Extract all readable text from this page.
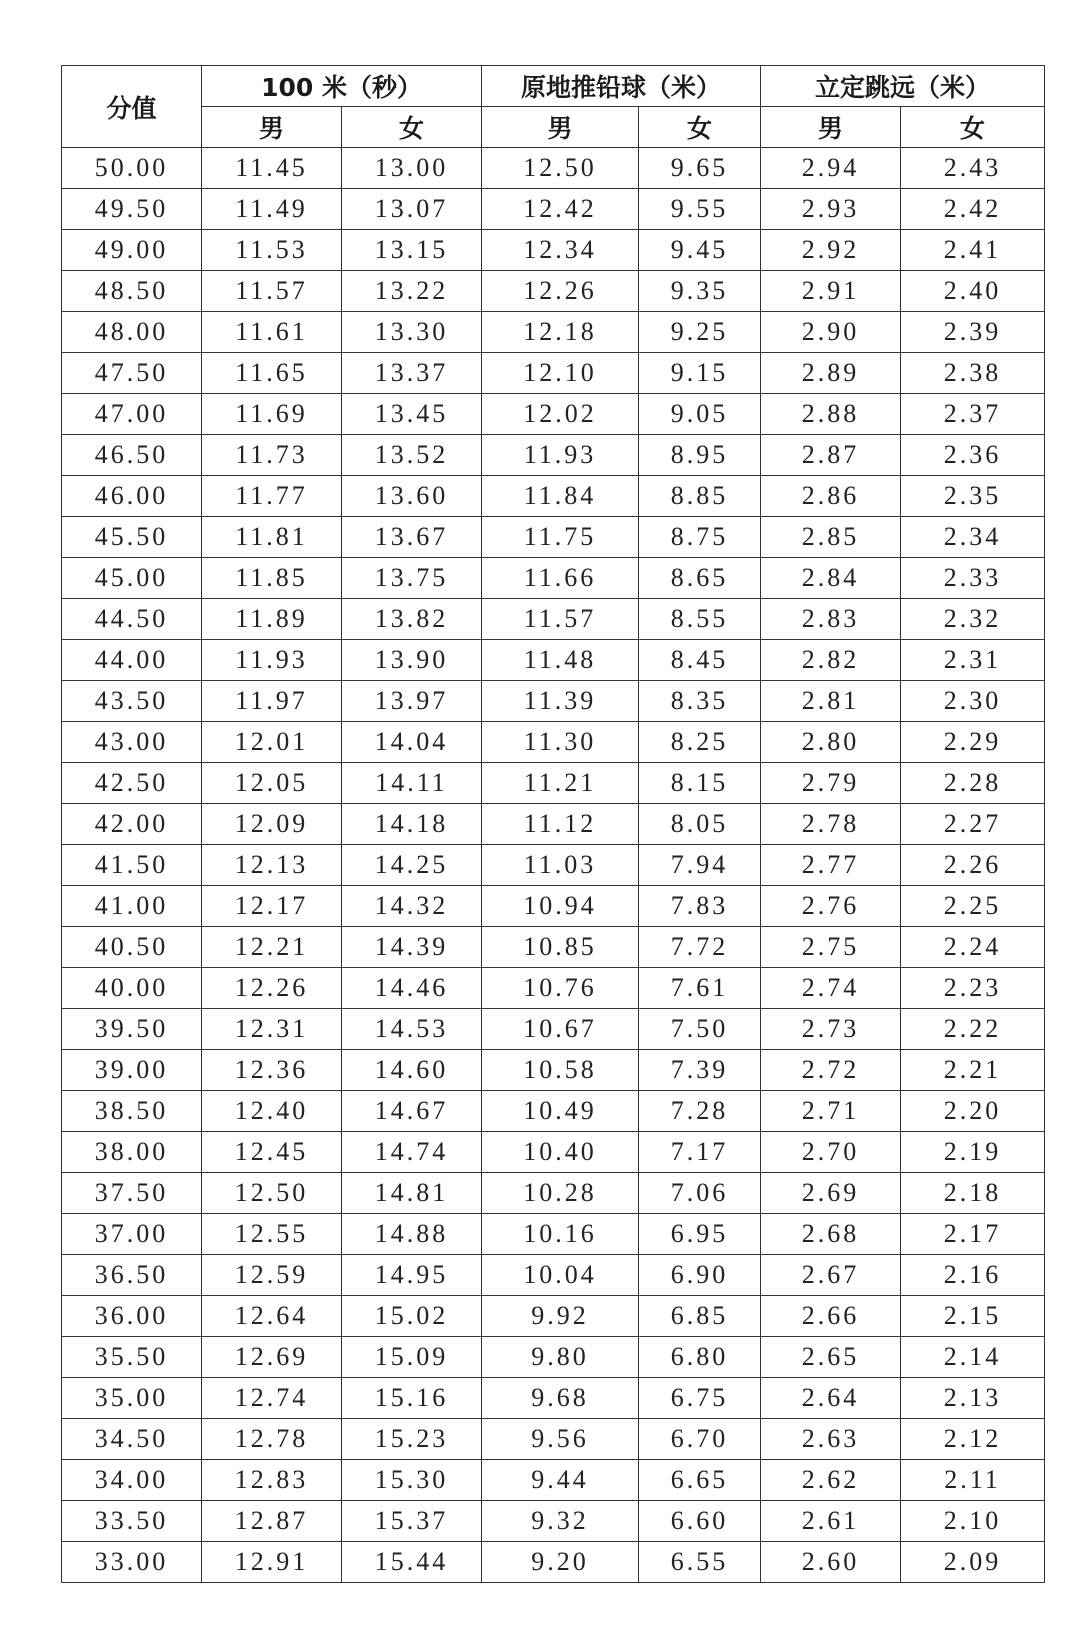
分值	100 米（秒）		原地推铅球（米）		立定跳远（米）	
	男	女	男	女	男	女
50.00	11.45	13.00	12.50	9.65	2.94	2.43
49.50	11.49	13.07	12.42	9.55	2.93	2.42
49.00	11.53	13.15	12.34	9.45	2.92	2.41
48.50	11.57	13.22	12.26	9.35	2.91	2.40
48.00	11.61	13.30	12.18	9.25	2.90	2.39
47.50	11.65	13.37	12.10	9.15	2.89	2.38
47.00	11.69	13.45	12.02	9.05	2.88	2.37
46.50	11.73	13.52	11.93	8.95	2.87	2.36
46.00	11.77	13.60	11.84	8.85	2.86	2.35
45.50	11.81	13.67	11.75	8.75	2.85	2.34
45.00	11.85	13.75	11.66	8.65	2.84	2.33
44.50	11.89	13.82	11.57	8.55	2.83	2.32
44.00	11.93	13.90	11.48	8.45	2.82	2.31
43.50	11.97	13.97	11.39	8.35	2.81	2.30
43.00	12.01	14.04	11.30	8.25	2.80	2.29
42.50	12.05	14.11	11.21	8.15	2.79	2.28
42.00	12.09	14.18	11.12	8.05	2.78	2.27
41.50	12.13	14.25	11.03	7.94	2.77	2.26
41.00	12.17	14.32	10.94	7.83	2.76	2.25
40.50	12.21	14.39	10.85	7.72	2.75	2.24
40.00	12.26	14.46	10.76	7.61	2.74	2.23
39.50	12.31	14.53	10.67	7.50	2.73	2.22
39.00	12.36	14.60	10.58	7.39	2.72	2.21
38.50	12.40	14.67	10.49	7.28	2.71	2.20
38.00	12.45	14.74	10.40	7.17	2.70	2.19
37.50	12.50	14.81	10.28	7.06	2.69	2.18
37.00	12.55	14.88	10.16	6.95	2.68	2.17
36.50	12.59	14.95	10.04	6.90	2.67	2.16
36.00	12.64	15.02	9.92	6.85	2.66	2.15
35.50	12.69	15.09	9.80	6.80	2.65	2.14
35.00	12.74	15.16	9.68	6.75	2.64	2.13
34.50	12.78	15.23	9.56	6.70	2.63	2.12
34.00	12.83	15.30	9.44	6.65	2.62	2.11
33.50	12.87	15.37	9.32	6.60	2.61	2.10
33.00	12.91	15.44	9.20	6.55	2.60	2.09
